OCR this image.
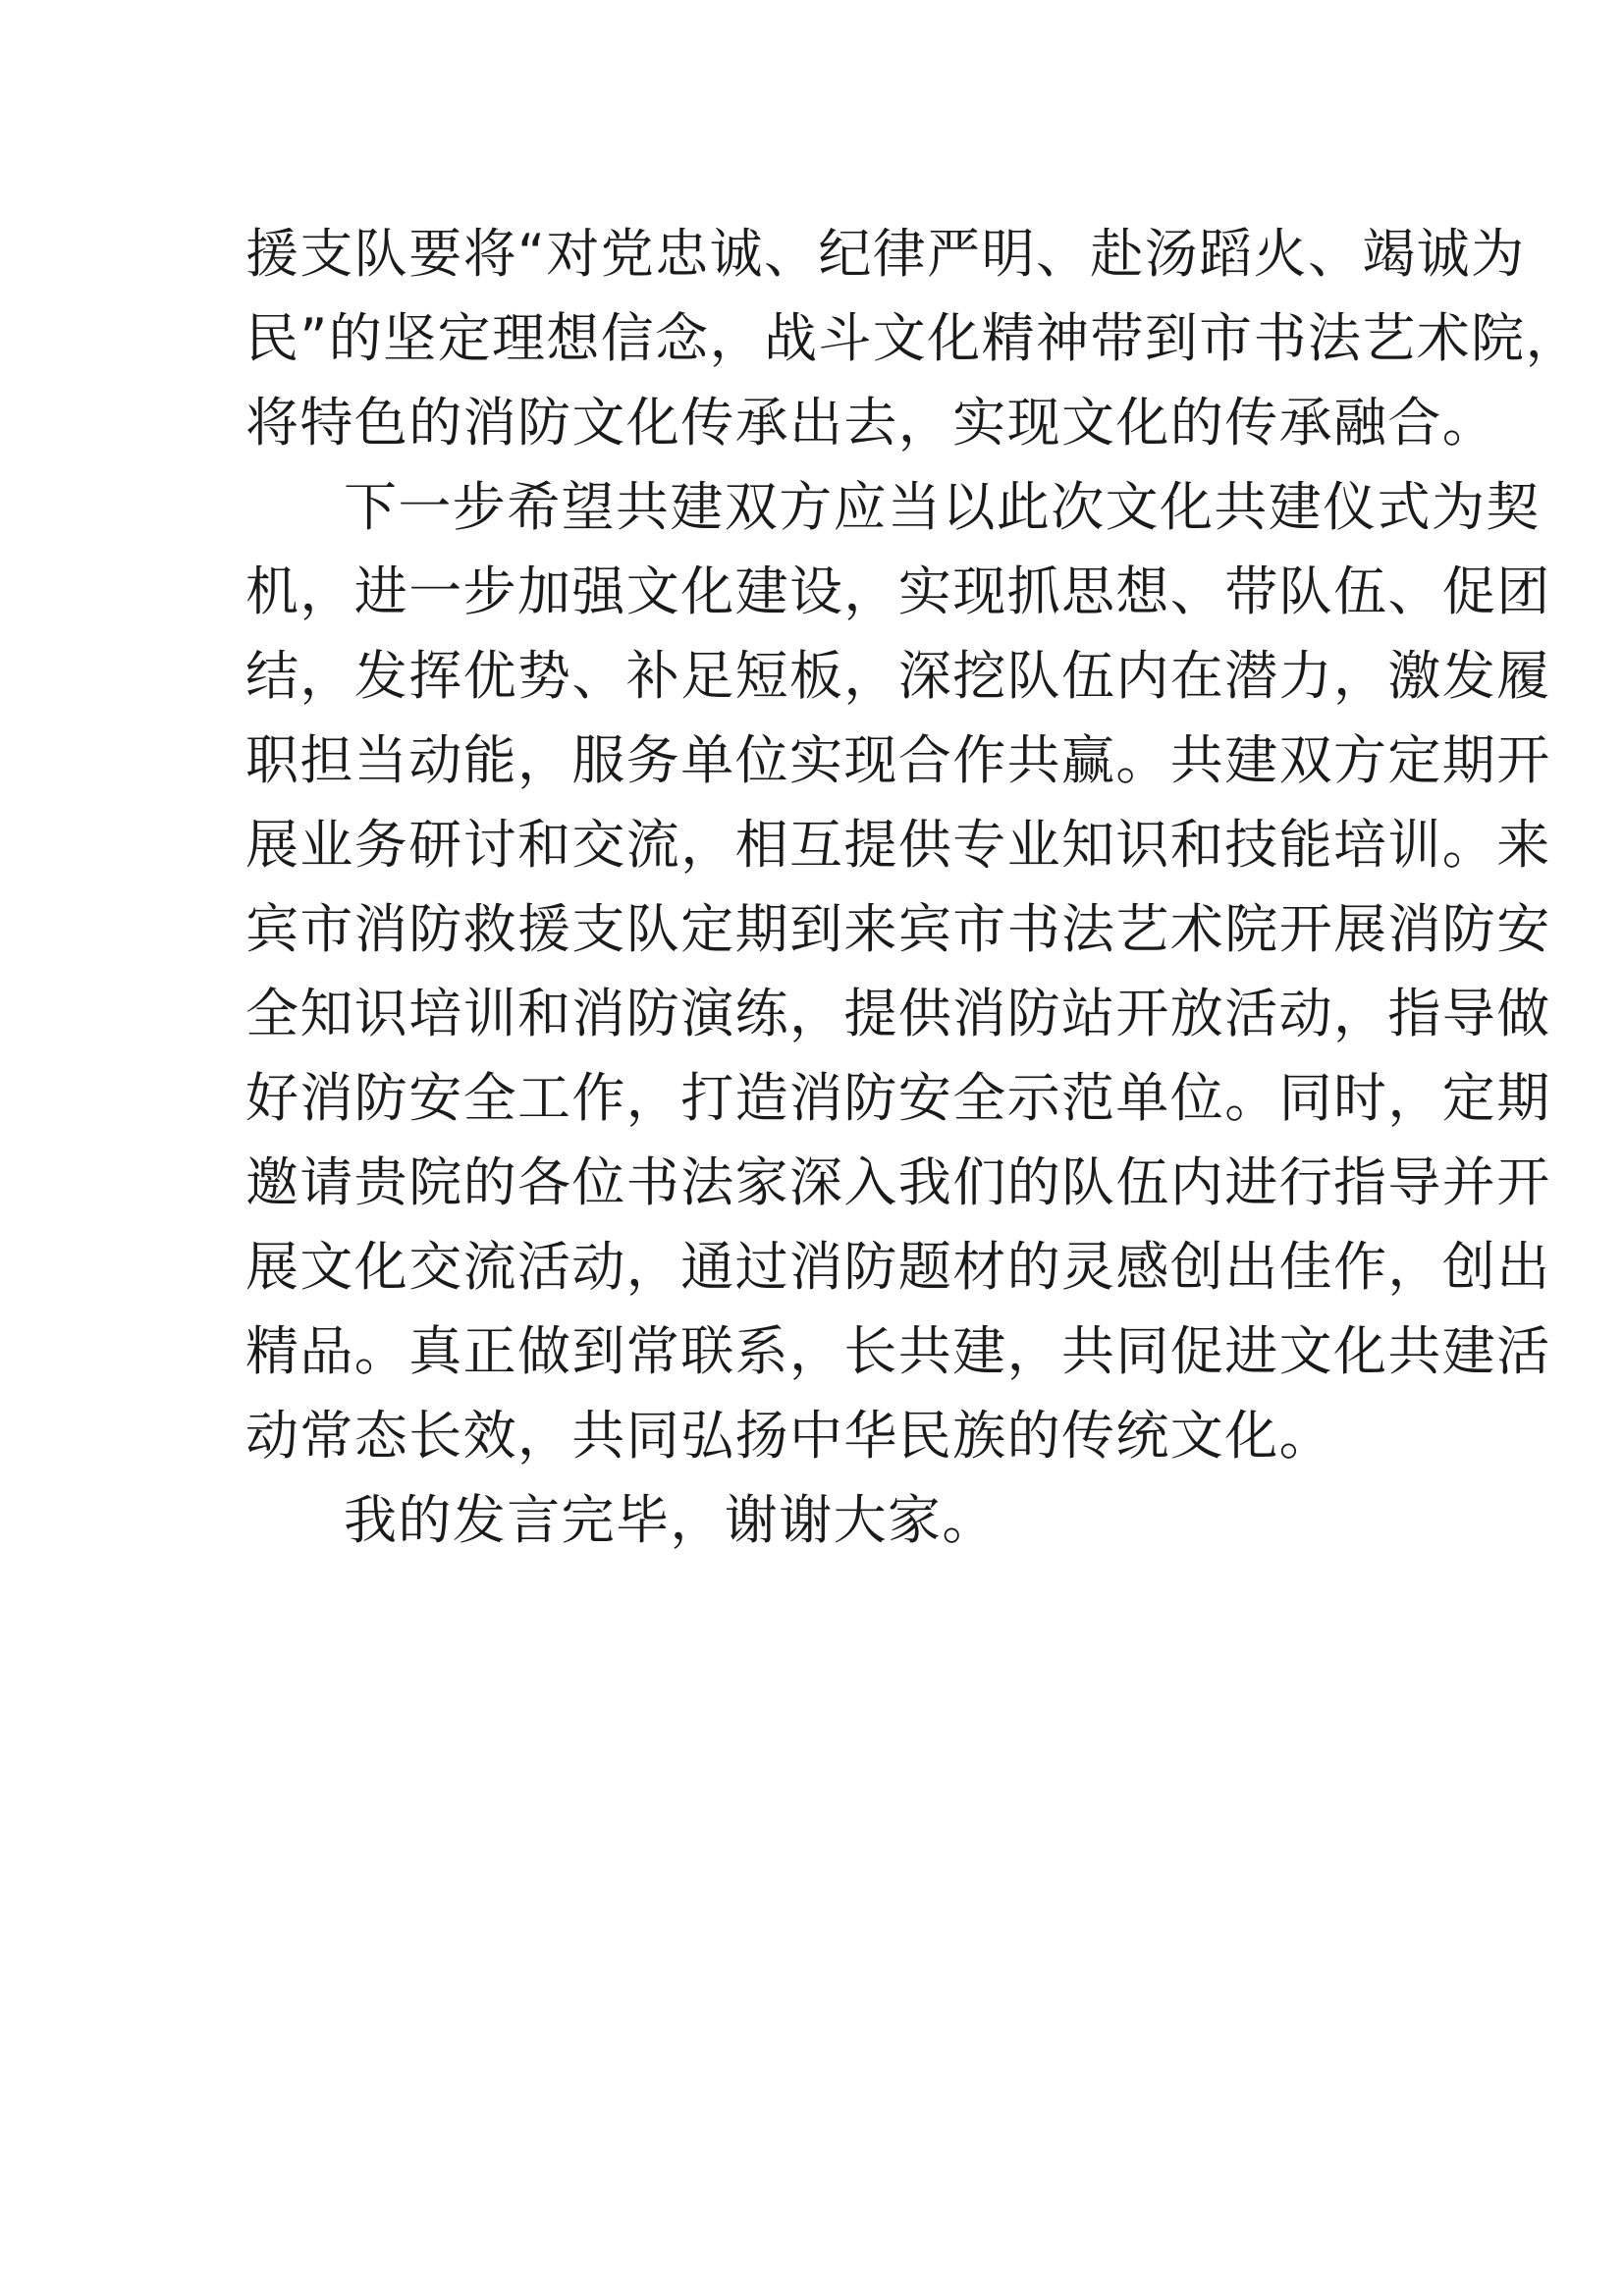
援支队要将“对党忠诚、纪律严明、赴汤蹈火、竭诚为
民”的坚定理想信念，战斗文化精神带到市书法艺术院，
将特色的消防文化传承出去，实现文化的传承融合。
下一步希望共建双方应当以此次文化共建仪式为契
机，进一步加强文化建设，实现抓思想、带队伍、促团
结，发挥优势、补足短板，深挖队伍内在潜力，激发履
职担当动能，服务单位实现合作共赢。共建双方定期开
展业务研讨和交流，相互提供专业知识和技能培训。来
宾市消防救援支队定期到来宾市书法艺术院开展消防安
全知识培训和消防演练，提供消防站开放活动，指导做
好消防安全工作，打造消防安全示范单位。同时，定期
邀请贵院的各位书法家深入我们的队伍内进行指导并开
展文化交流活动，通过消防题材的灵感创出佳作，创出
精品。真正做到常联系，长共建，共同促进文化共建活
动常态长效，共同弘扬中华民族的传统文化。
我的发言完毕，谢谢大家。
